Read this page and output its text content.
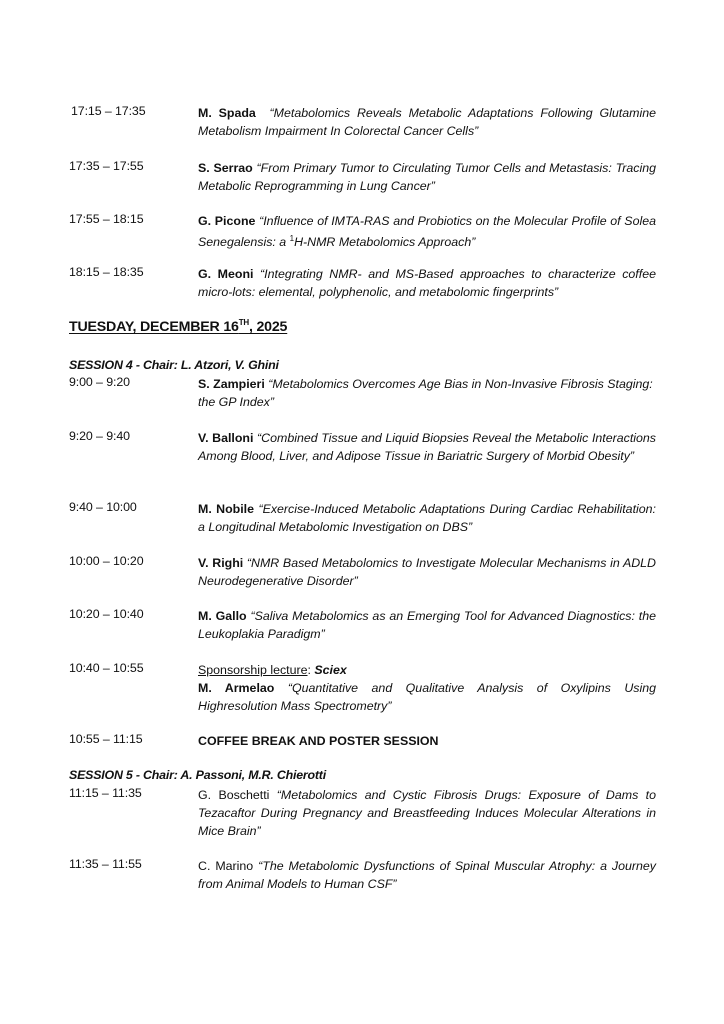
17:15 – 17:35	M. Spada “Metabolomics Reveals Metabolic Adaptations Following Glutamine Metabolism Impairment In Colorectal Cancer Cells”
17:35 – 17:55	S. Serrao “From Primary Tumor to Circulating Tumor Cells and Metastasis: Tracing Metabolic Reprogramming in Lung Cancer”
17:55 – 18:15	G. Picone “Influence of IMTA-RAS and Probiotics on the Molecular Profile of Solea Senegalensis: a $^1$H-NMR Metabolomics Approach”
18:15 – 18:35	G. Meoni “Integrating NMR- and MS-Based approaches to characterize coffee micro-lots: elemental, polyphenolic, and metabolomic fingerprints”
TUESDAY, DECEMBER 16TH, 2025
SESSION 4 - Chair: L. Atzori, V. Ghini
9:00 – 9:20	S. Zampieri “Metabolomics Overcomes Age Bias in Non-Invasive Fibrosis Staging: the GP Index”
9:20 – 9:40	V. Balloni “Combined Tissue and Liquid Biopsies Reveal the Metabolic Interactions Among Blood, Liver, and Adipose Tissue in Bariatric Surgery of Morbid Obesity”
9:40 – 10:00	M. Nobile “Exercise-Induced Metabolic Adaptations During Cardiac Rehabilitation: a Longitudinal Metabolomic Investigation on DBS”
10:00 – 10:20	V. Righi “NMR Based Metabolomics to Investigate Molecular Mechanisms in ADLD Neurodegenerative Disorder”
10:20 – 10:40	M. Gallo “Saliva Metabolomics as an Emerging Tool for Advanced Diagnostics: the Leukoplakia Paradigm”
10:40 – 10:55	Sponsorship lecture: Sciex
M. Armelao “Quantitative and Qualitative Analysis of Oxylipins Using Highresolution Mass Spectrometry”
10:55 – 11:15	COFFEE BREAK AND POSTER SESSION
SESSION 5 - Chair: A. Passoni, M.R. Chierotti
11:15 – 11:35	G. Boschetti “Metabolomics and Cystic Fibrosis Drugs: Exposure of Dams to Tezacaftor During Pregnancy and Breastfeeding Induces Molecular Alterations in Mice Brain”
11:35 – 11:55	C. Marino “The Metabolomic Dysfunctions of Spinal Muscular Atrophy: a Journey from Animal Models to Human CSF”
